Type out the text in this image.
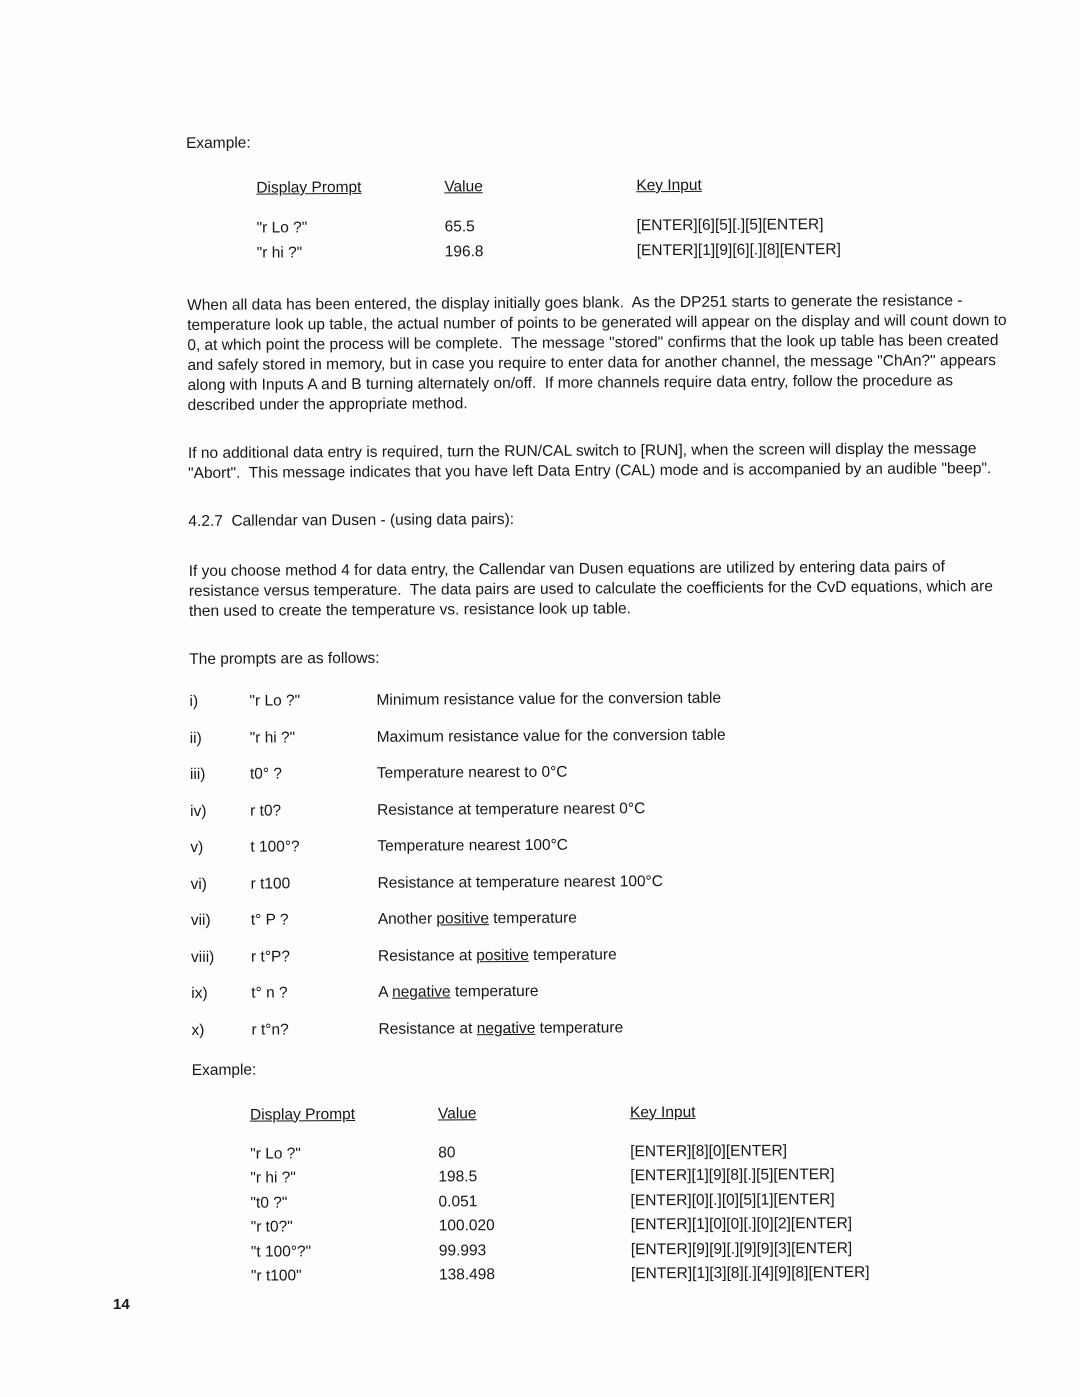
Example:

Display Prompt	Value	Key Input
"r Lo ?"	65.5	[ENTER][6][5][.][5][ENTER]
"r hi ?"	196.8	[ENTER][1][9][6][.][8][ENTER]

When all data has been entered, the display initially goes blank.  As the DP251 starts to generate the resistance - temperature look up table, the actual number of points to be generated will appear on the display and will count down to 0, at which point the process will be complete.  The message "stored" confirms that the look up table has been created and safely stored in memory, but in case you require to enter data for another channel, the message "ChAn?" appears along with Inputs A and B turning alternately on/off.  If more channels require data entry, follow the procedure as described under the appropriate method.

If no additional data entry is required, turn the RUN/CAL switch to [RUN], when the screen will display the message "Abort".  This message indicates that you have left Data Entry (CAL) mode and is accompanied by an audible "beep".

4.2.7  Callendar van Dusen - (using data pairs):

If you choose method 4 for data entry, the Callendar van Dusen equations are utilized by entering data pairs of resistance versus temperature.  The data pairs are used to calculate the coefficients for the CvD equations, which are then used to create the temperature vs. resistance look up table.

The prompts are as follows:

i)	"r Lo ?"	Minimum resistance value for the conversion table
ii)	"r hi ?"	Maximum resistance value for the conversion table
iii)	t0° ?	Temperature nearest to 0°C
iv)	r t0?	Resistance at temperature nearest 0°C
v)	t 100°?	Temperature nearest 100°C
vi)	r t100	Resistance at temperature nearest 100°C
vii)	t° P ?	Another positive temperature
viii)	r t°P?	Resistance at positive temperature
ix)	t° n ?	A negative temperature
x)	r t°n?	Resistance at negative temperature

Example:

Display Prompt	Value	Key Input
"r Lo ?"	80	[ENTER][8][0][ENTER]
"r hi ?"	198.5	[ENTER][1][9][8][.][5][ENTER]
"t0 ?"	0.051	[ENTER][0][.][0][5][1][ENTER]
"r t0?"	100.020	[ENTER][1][0][0][.][0][2][ENTER]
"t 100°?"	99.993	[ENTER][9][9][.][9][9][3][ENTER]
"r t100"	138.498	[ENTER][1][3][8][.][4][9][8][ENTER]
14
